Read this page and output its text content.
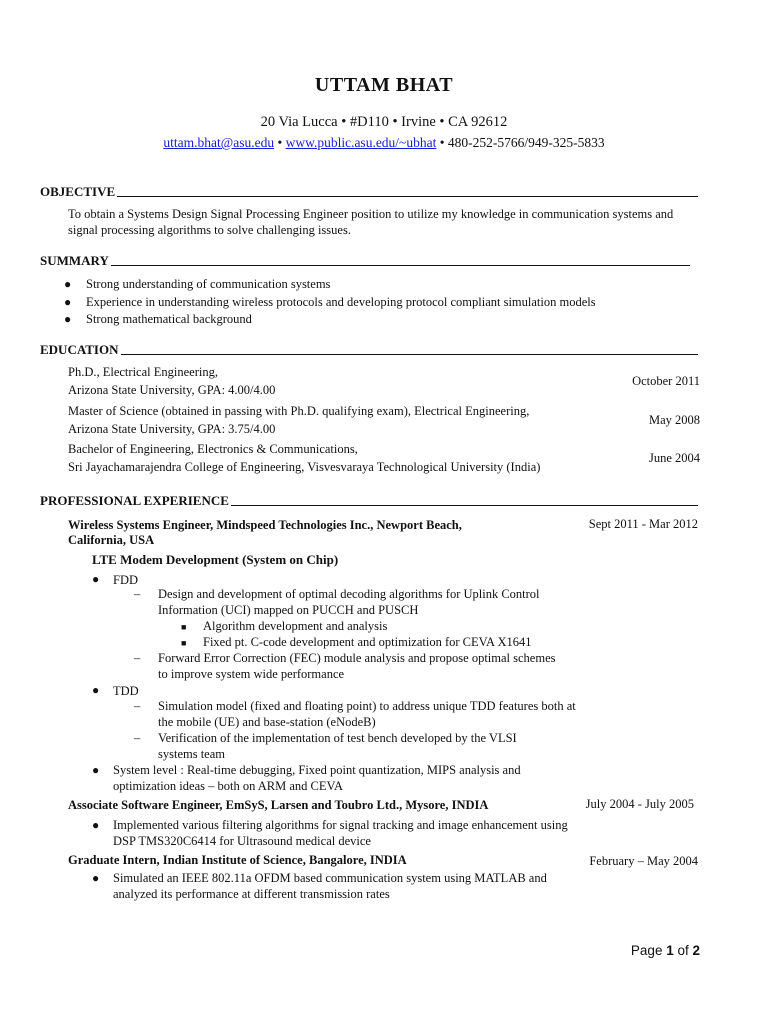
UTTAM BHAT
20 Via Lucca • #D110 • Irvine • CA 92612
uttam.bhat@asu.edu • www.public.asu.edu/~ubhat • 480-252-5766/949-325-5833
OBJECTIVE
To obtain a Systems Design Signal Processing Engineer position to utilize my knowledge in communication systems and signal processing algorithms to solve challenging issues.
SUMMARY
● Strong understanding of communication systems
● Experience in understanding wireless protocols and developing protocol compliant simulation models
● Strong mathematical background
EDUCATION
Ph.D., Electrical Engineering,
Arizona State University, GPA: 4.00/4.00
October 2011
Master of Science (obtained in passing with Ph.D. qualifying exam), Electrical Engineering,
Arizona State University, GPA: 3.75/4.00
May 2008
Bachelor of Engineering, Electronics & Communications,
Sri Jayachamarajendra College of Engineering, Visvesvaraya Technological University (India)
June 2004
PROFESSIONAL EXPERIENCE
Wireless Systems Engineer, Mindspeed Technologies Inc., Newport Beach, California, USA
Sept 2011 - Mar 2012
LTE Modem Development (System on Chip)
● FDD
– Design and development of optimal decoding algorithms for Uplink Control Information (UCI) mapped on PUCCH and PUSCH
■ Algorithm development and analysis
■ Fixed pt. C-code development and optimization for CEVA X1641
– Forward Error Correction (FEC) module analysis and propose optimal schemes to improve system wide performance
● TDD
– Simulation model (fixed and floating point) to address unique TDD features both at the mobile (UE) and base-station (eNodeB)
– Verification of the implementation of test bench developed by the VLSI systems team
● System level : Real-time debugging, Fixed point quantization, MIPS analysis and optimization ideas – both on ARM and CEVA
Associate Software Engineer, EmSyS, Larsen and Toubro Ltd., Mysore, INDIA	July 2004 - July 2005
● Implemented various filtering algorithms for signal tracking and image enhancement using DSP TMS320C6414 for Ultrasound medical device
Graduate Intern, Indian Institute of Science, Bangalore, INDIA	February – May 2004
● Simulated an IEEE 802.11a OFDM based communication system using MATLAB and analyzed its performance at different transmission rates
Page 1 of 2
